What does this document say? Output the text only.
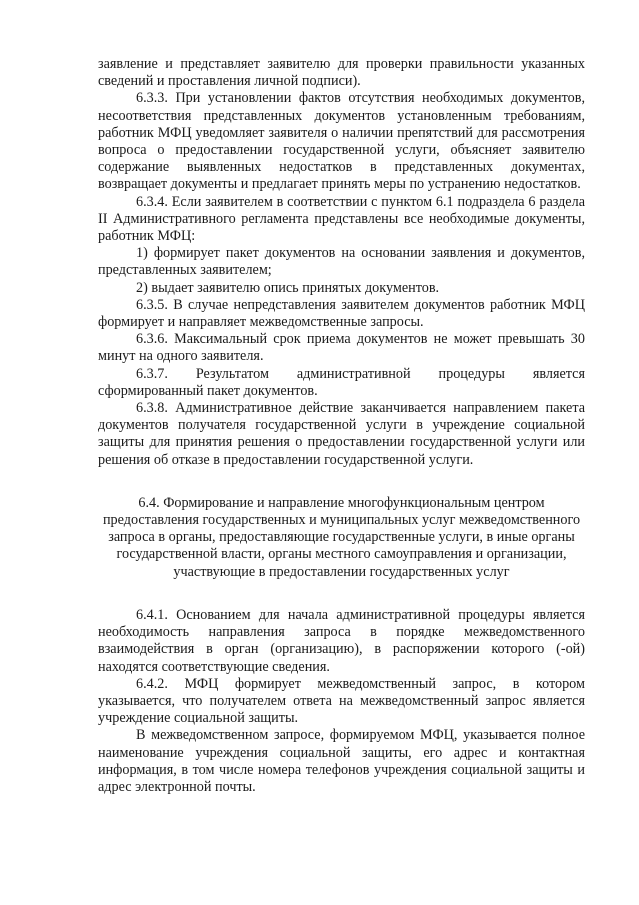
заявление и представляет заявителю для проверки правильности указанных сведений и проставления личной подписи).

6.3.3. При установлении фактов отсутствия необходимых документов, несоответствия представленных документов установленным требованиям, работник МФЦ уведомляет заявителя о наличии препятствий для рассмотрения вопроса о предоставлении государственной услуги, объясняет заявителю содержание выявленных недостатков в представленных документах, возвращает документы и предлагает принять меры по устранению недостатков.

6.3.4. Если заявителем в соответствии с пунктом 6.1 подраздела 6 раздела II Административного регламента представлены все необходимые документы, работник МФЦ:

1) формирует пакет документов на основании заявления и документов, представленных заявителем;

2) выдает заявителю опись принятых документов.

6.3.5. В случае непредставления заявителем документов работник МФЦ формирует и направляет межведомственные запросы.

6.3.6. Максимальный срок приема документов не может превышать 30 минут на одного заявителя.

6.3.7. Результатом административной процедуры является сформированный пакет документов.

6.3.8. Административное действие заканчивается направлением пакета документов получателя государственной услуги в учреждение социальной защиты для принятия решения о предоставлении государственной услуги или решения об отказе в предоставлении государственной услуги.

6.4. Формирование и направление многофункциональным центром предоставления государственных и муниципальных услуг межведомственного запроса в органы, предоставляющие государственные услуги, в иные органы государственной власти, органы местного самоуправления и организации, участвующие в предоставлении государственных услуг

6.4.1. Основанием для начала административной процедуры является необходимость направления запроса в порядке межведомственного взаимодействия в орган (организацию), в распоряжении которого (-ой) находятся соответствующие сведения.

6.4.2. МФЦ формирует межведомственный запрос, в котором указывается, что получателем ответа на межведомственный запрос является учреждение социальной защиты.

В межведомственном запросе, формируемом МФЦ, указывается полное наименование учреждения социальной защиты, его адрес и контактная информация, в том числе номера телефонов учреждения социальной защиты и адрес электронной почты.
